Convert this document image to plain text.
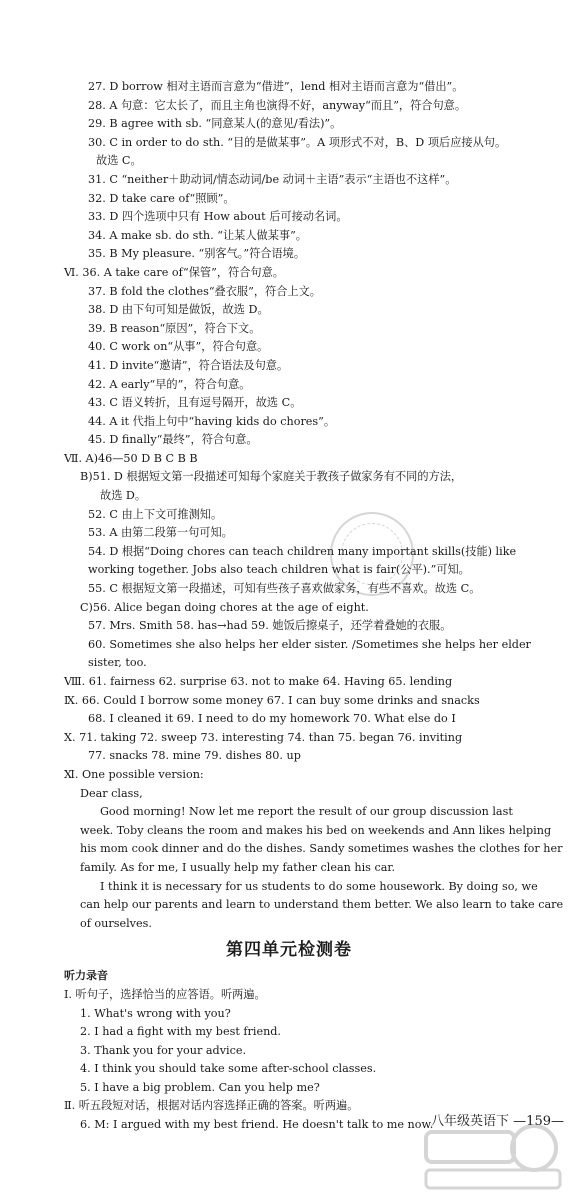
27. D borrow 相对主语而言意为“借进”，lend 相对主语而言意为“借出”。
28. A 句意：它太长了，而且主角也演得不好，anyway“而且”，符合句意。
29. B agree with sb. “同意某人(的意见/看法)”。
30. C in order to do sth. “目的是做某事”。A 项形式不对，B、D 项后应接从句。
故选 C。
31. C “neither＋助动词/情态动词/be 动词＋主语”表示“主语也不这样”。
32. D take care of“照顾”。
33. D 四个选项中只有 How about 后可接动名词。
34. A make sb. do sth. “让某人做某事”。
35. B My pleasure. “别客气。”符合语境。
Ⅵ. 36. A take care of“保管”，符合句意。
37. B fold the clothes“叠衣服”，符合上文。
38. D 由下句可知是做饭，故选 D。
39. B reason“原因”，符合下文。
40. C work on“从事”，符合句意。
41. D invite“邀请”，符合语法及句意。
42. A early“早的”，符合句意。
43. C 语义转折，且有逗号隔开，故选 C。
44. A it 代指上句中“having kids do chores”。
45. D finally“最终”，符合句意。
Ⅶ. A)46—50 D B C B B
B)51. D 根据短文第一段描述可知每个家庭关于教孩子做家务有不同的方法，
故选 D。
52. C 由上下文可推测知。
53. A 由第二段第一句可知。
54. D 根据“Doing chores can teach children many important skills(技能) like
working together. Jobs also teach children what is fair(公平).”可知。
55. C 根据短文第一段描述，可知有些孩子喜欢做家务，有些不喜欢。故选 C。
C)56. Alice began doing chores at the age of eight.
57. Mrs. Smith 58. has→had 59. 她饭后擦桌子，还学着叠她的衣服。
60. Sometimes she also helps her elder sister. /Sometimes she helps her elder
sister, too.
Ⅷ. 61. fairness 62. surprise 63. not to make 64. Having 65. lending
Ⅸ. 66. Could I borrow some money 67. I can buy some drinks and snacks
68. I cleaned it 69. I need to do my homework 70. What else do I
Ⅹ. 71. taking 72. sweep 73. interesting 74. than 75. began 76. inviting
77. snacks 78. mine 79. dishes 80. up
Ⅺ. One possible version:
Dear class,
Good morning! Now let me report the result of our group discussion last
week. Toby cleans the room and makes his bed on weekends and Ann likes helping
his mom cook dinner and do the dishes. Sandy sometimes washes the clothes for her
family. As for me, I usually help my father clean his car.
I think it is necessary for us students to do some housework. By doing so, we
can help our parents and learn to understand them better. We also learn to take care
of ourselves.
第四单元检测卷
听力录音
Ⅰ. 听句子，选择恰当的应答语。听两遍。
1. What's wrong with you?
2. I had a fight with my best friend.
3. Thank you for your advice.
4. I think you should take some after-school classes.
5. I have a big problem. Can you help me?
Ⅱ. 听五段短对话，根据对话内容选择正确的答案。听两遍。
6. M: I argued with my best friend. He doesn't talk to me now.
八年级英语下 —159—
